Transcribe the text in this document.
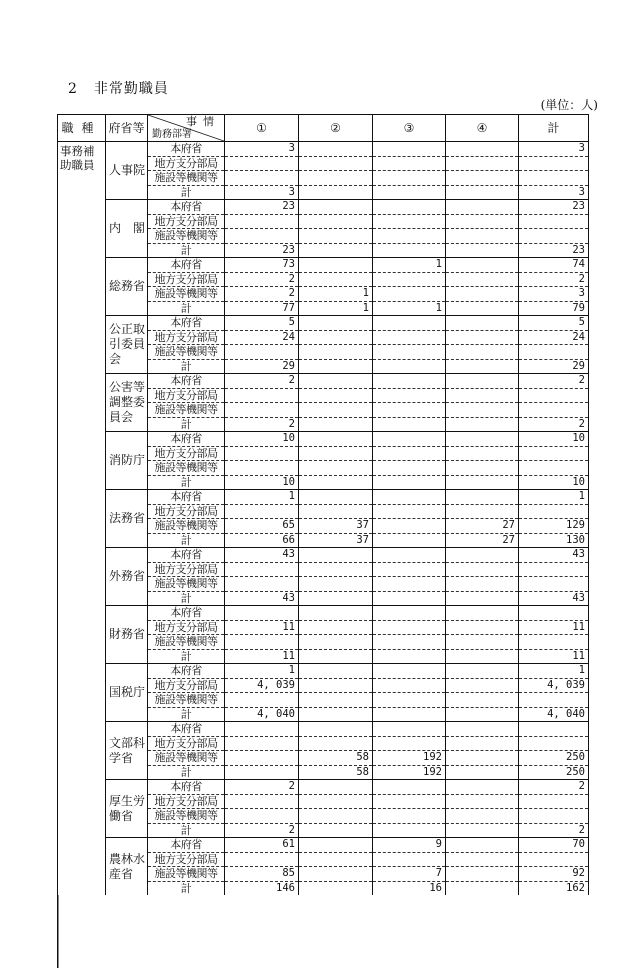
2 非常勤職員
(単位：人)
職種	府省等	事情
勤務部署	①	②	③	④	計
事務補助職員	人事院	本府省	3				3
		地方支分部局					
		施設等機関等					
		計	3				3
	内　閣	本府省	23				23
		地方支分部局					
		施設等機関等					
		計	23				23
	総務省	本府省	73		1		74
		地方支分部局	2				2
		施設等機関等	2	1			3
		計	77	1	1		79
	公正取引委員会	本府省	5				5
		地方支分部局	24				24
		施設等機関等					
		計	29				29
	公害等調整委員会	本府省	2				2
		地方支分部局					
		施設等機関等					
		計	2				2
	消防庁	本府省	10				10
		地方支分部局					
		施設等機関等					
		計	10				10
	法務省	本府省	1				1
		地方支分部局					
		施設等機関等	65	37		27	129
		計	66	37		27	130
	外務省	本府省	43				43
		地方支分部局					
		施設等機関等					
		計	43				43
	財務省	本府省					
		地方支分部局	11				11
		施設等機関等					
		計	11				11
	国税庁	本府省	1				1
		地方支分部局	4, 039				4, 039
		施設等機関等					
		計	4, 040				4, 040
	文部科学省	本府省					
		地方支分部局					
		施設等機関等		58	192		250
		計		58	192		250
	厚生労働省	本府省	2				2
		地方支分部局					
		施設等機関等					
		計	2				2
	農林水産省	本府省	61		9		70
		地方支分部局					
		施設等機関等	85		7		92
		計	146		16		162
